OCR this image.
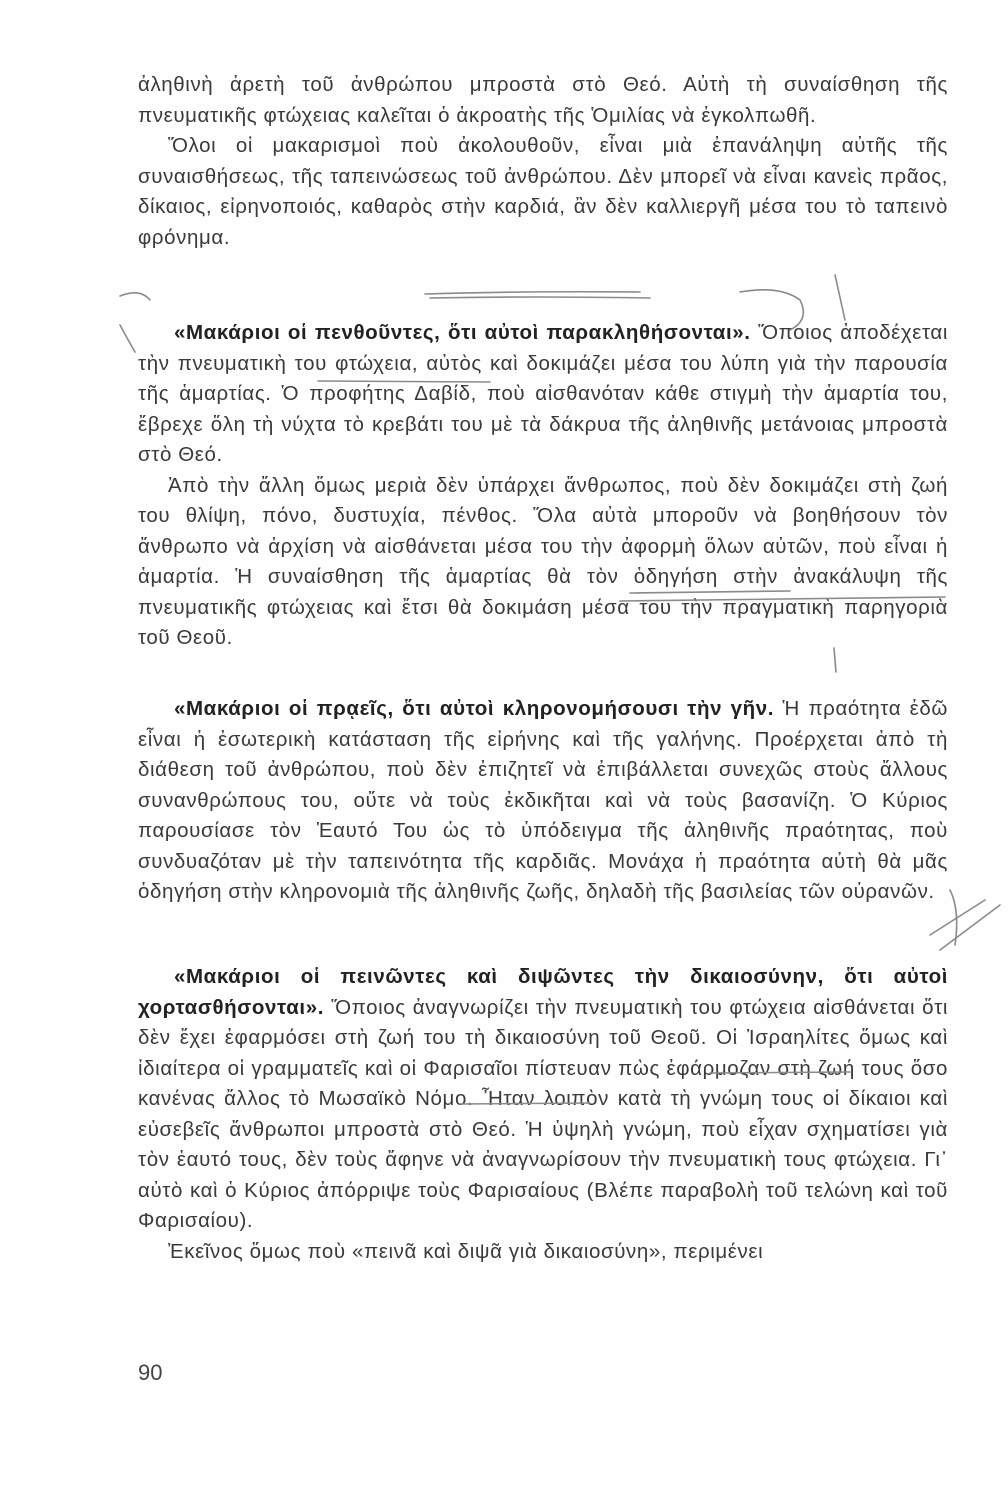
ἀληθινὴ ἀρετὴ τοῦ ἀνθρώπου μπροστὰ στὸ Θεό. Αὐτὴ τὴ συναίσθηση τῆς πνευματικῆς φτώχειας καλεῖται ὁ ἀκροατὴς τῆς Ὁμιλίας νὰ ἐγκολπωθῆ.

Ὅλοι οἱ μακαρισμοὶ ποὺ ἀκολουθοῦν, εἶναι μιὰ ἐπανάληψη αὐτῆς τῆς συναισθήσεως, τῆς ταπεινώσεως τοῦ ἀνθρώπου. Δὲν μπορεῖ νὰ εἶναι κανεὶς πρᾶος, δίκαιος, εἰρηνοποιός, καθαρὸς στὴν καρδιά, ἂν δὲν καλλιεργῆ μέσα του τὸ ταπεινὸ φρόνημα.

«Μακάριοι οἱ πενθοῦντες, ὅτι αὐτοὶ παρακληθήσονται». Ὅποιος ἀποδέχεται τὴν πνευματικὴ του φτώχεια, αὐτὸς καὶ δοκιμάζει μέσα του λύπη γιὰ τὴν παρουσία τῆς ἁμαρτίας. Ὁ προφήτης Δαβίδ, ποὺ αἰσθανόταν κάθε στιγμὴ τὴν ἁμαρτία του, ἔβρεχε ὅλη τὴ νύχτα τὸ κρεβάτι του μὲ τὰ δάκρυα τῆς ἀληθινῆς μετάνοιας μπροστὰ στὸ Θεό.

Ἀπὸ τὴν ἄλλη ὅμως μεριὰ δὲν ὑπάρχει ἄνθρωπος, ποὺ δὲν δοκιμάζει στὴ ζωή του θλίψη, πόνο, δυστυχία, πένθος. Ὅλα αὐτὰ μποροῦν νὰ βοηθήσουν τὸν ἄνθρωπο νὰ ἀρχίση νὰ αἰσθάνεται μέσα του τὴν ἀφορμὴ ὅλων αὐτῶν, ποὺ εἶναι ἡ ἁμαρτία. Ἡ συναίσθηση τῆς ἁμαρτίας θὰ τὸν ὁδηγήση στὴν ἀνακάλυψη τῆς πνευματικῆς φτώχειας καὶ ἔτσι θὰ δοκιμάση μέσα του τὴν πραγματικὴ παρηγοριὰ τοῦ Θεοῦ.

«Μακάριοι οἱ πρᾳεῖς, ὅτι αὐτοὶ κληρονομήσουσι τὴν γῆν. Ἡ πραότητα ἐδῶ εἶναι ἡ ἐσωτερικὴ κατάσταση τῆς εἰρήνης καὶ τῆς γαλήνης. Προέρχεται ἀπὸ τὴ διάθεση τοῦ ἀνθρώπου, ποὺ δὲν ἐπιζητεῖ νὰ ἐπιβάλλεται συνεχῶς στοὺς ἄλλους συνανθρώπους του, οὔτε νὰ τοὺς ἐκδικῆται καὶ νὰ τοὺς βασανίζη. Ὁ Κύριος παρουσίασε τὸν Ἑαυτό Του ὡς τὸ ὑπόδειγμα τῆς ἀληθινῆς πραότητας, ποὺ συνδυαζόταν μὲ τὴν ταπεινότητα τῆς καρδιᾶς. Μονάχα ἡ πραότητα αὐτὴ θὰ μᾶς ὁδηγήση στὴν κληρονομιὰ τῆς ἀληθινῆς ζωῆς, δηλαδὴ τῆς βασιλείας τῶν οὐρανῶν.

«Μακάριοι οἱ πεινῶντες καὶ διψῶντες τὴν δικαιοσύνην, ὅτι αὐτοὶ χορτασθήσονται». Ὅποιος ἀναγνωρίζει τὴν πνευματικὴ του φτώχεια αἰσθάνεται ὅτι δὲν ἔχει ἐφαρμόσει στὴ ζωή του τὴ δικαιοσύνη τοῦ Θεοῦ. Οἱ Ἰσραηλίτες ὅμως καὶ ἰδιαίτερα οἱ γραμματεῖς καὶ οἱ Φαρισαῖοι πίστευαν πὼς ἐφάρμοζαν στὴ ζωή τους ὅσο κανένας ἄλλος τὸ Μωσαϊκὸ Νόμο. Ἦταν λοιπὸν κατὰ τὴ γνώμη τους οἱ δίκαιοι καὶ εὐσεβεῖς ἄνθρωποι μπροστὰ στὸ Θεό. Ἡ ὑψηλὴ γνώμη, ποὺ εἶχαν σχηματίσει γιὰ τὸν ἑαυτό τους, δὲν τοὺς ἄφηνε νὰ ἀναγνωρίσουν τὴν πνευματικὴ τους φτώχεια. Γι᾿ αὐτὸ καὶ ὁ Κύριος ἀπόρριψε τοὺς Φαρισαίους (Βλέπε παραβολὴ τοῦ τελώνη καὶ τοῦ Φαρισαίου).

Ἐκεῖνος ὅμως ποὺ «πεινᾶ καὶ διψᾶ γιὰ δικαιοσύνη», περιμένει

90
